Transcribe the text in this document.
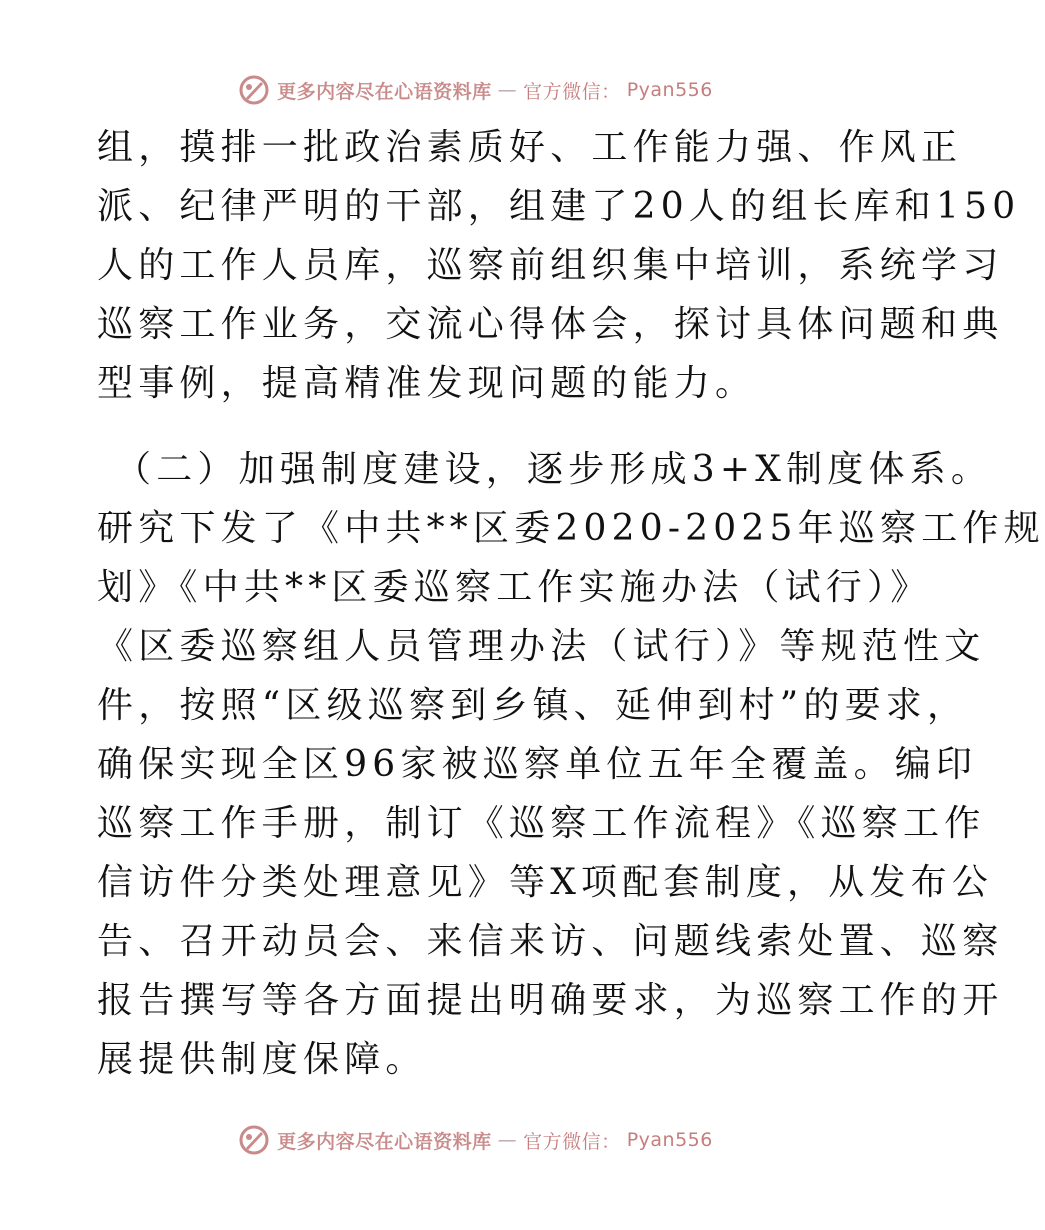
更多内容尽在心语资料库 — 官方微信： Pyan556
组，摸排一批政治素质好、工作能力强、作风正
派、纪律严明的干部，组建了20人的组长库和150
人的工作人员库，巡察前组织集中培训，系统学习
巡察工作业务，交流心得体会，探讨具体问题和典
型事例，提高精准发现问题的能力。
（二）加强制度建设，逐步形成3+X制度体系。
研究下发了《中共**区委2020-2025年巡察工作规
划》《中共**区委巡察工作实施办法（试行）》
《区委巡察组人员管理办法（试行）》等规范性文
件，按照“区级巡察到乡镇、延伸到村”的要求，
确保实现全区96家被巡察单位五年全覆盖。编印
巡察工作手册，制订《巡察工作流程》《巡察工作
信访件分类处理意见》等X项配套制度，从发布公
告、召开动员会、来信来访、问题线索处置、巡察
报告撰写等各方面提出明确要求，为巡察工作的开
展提供制度保障。
更多内容尽在心语资料库 — 官方微信： Pyan556
